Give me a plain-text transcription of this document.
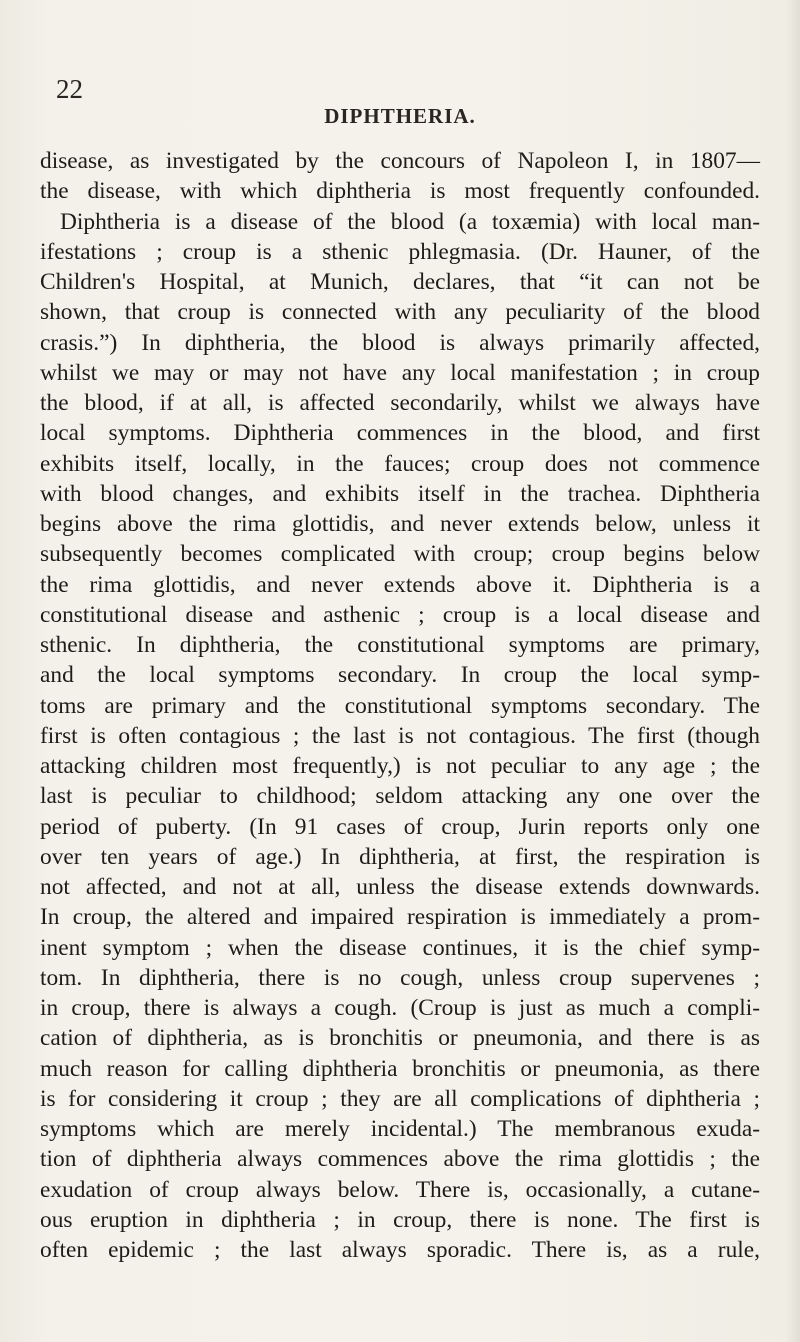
22
DIPHTHERIA.
disease, as investigated by the concours of Napoleon I, in 1807—
the disease, with which diphtheria is most frequently confounded.
Diphtheria is a disease of the blood (a toxæmia) with local man-
ifestations ; croup is a sthenic phlegmasia. (Dr. Hauner, of the
Children's Hospital, at Munich, declares, that “it can not be
shown, that croup is connected with any peculiarity of the blood
crasis.”) In diphtheria, the blood is always primarily affected,
whilst we may or may not have any local manifestation ; in croup
the blood, if at all, is affected secondarily, whilst we always have
local symptoms. Diphtheria commences in the blood, and first
exhibits itself, locally, in the fauces; croup does not commence
with blood changes, and exhibits itself in the trachea. Diphtheria
begins above the rima glottidis, and never extends below, unless it
subsequently becomes complicated with croup; croup begins below
the rima glottidis, and never extends above it. Diphtheria is a
constitutional disease and asthenic ; croup is a local disease and
sthenic. In diphtheria, the constitutional symptoms are primary,
and the local symptoms secondary. In croup the local symp-
toms are primary and the constitutional symptoms secondary. The
first is often contagious ; the last is not contagious. The first (though
attacking children most frequently,) is not peculiar to any age ; the
last is peculiar to childhood; seldom attacking any one over the
period of puberty. (In 91 cases of croup, Jurin reports only one
over ten years of age.) In diphtheria, at first, the respiration is
not affected, and not at all, unless the disease extends downwards.
In croup, the altered and impaired respiration is immediately a prom-
inent symptom ; when the disease continues, it is the chief symp-
tom. In diphtheria, there is no cough, unless croup supervenes ;
in croup, there is always a cough. (Croup is just as much a compli-
cation of diphtheria, as is bronchitis or pneumonia, and there is as
much reason for calling diphtheria bronchitis or pneumonia, as there
is for considering it croup ; they are all complications of diphtheria ;
symptoms which are merely incidental.) The membranous exuda-
tion of diphtheria always commences above the rima glottidis ; the
exudation of croup always below. There is, occasionally, a cutane-
ous eruption in diphtheria ; in croup, there is none. The first is
often epidemic ; the last always sporadic. There is, as a rule,
